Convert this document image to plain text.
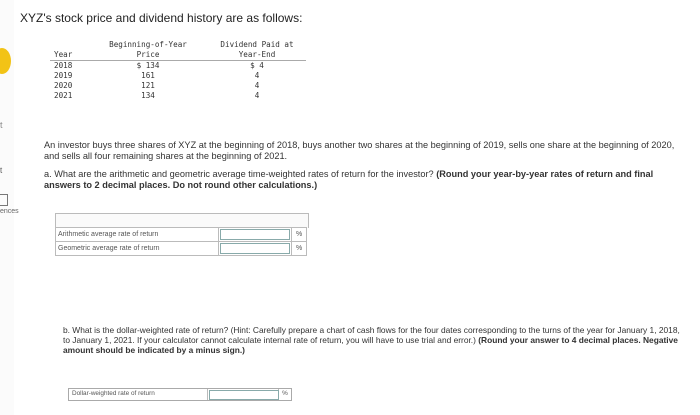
t
t
ences
XYZ's stock price and dividend history are as follows:
Year	Beginning-of-Year	Dividend Paid at
	Price	Year-End
2018	$ 134	$ 4
2019	161	4
2020	121	4
2021	134	4
An investor buys three shares of XYZ at the beginning of 2018, buys another two shares at the beginning of 2019, sells one share at the beginning of 2020, and sells all four remaining shares at the beginning of 2021.
a. What are the arithmetic and geometric average time-weighted rates of return for the investor? (Round your year-by-year rates of return and final answers to 2 decimal places. Do not round other calculations.)
Arithmetic average rate of return		%
Geometric average rate of return		%
b. What is the dollar-weighted rate of return? (Hint: Carefully prepare a chart of cash flows for the four dates corresponding to the turns of the year for January 1, 2018, to January 1, 2021. If your calculator cannot calculate internal rate of return, you will have to use trial and error.) (Round your answer to 4 decimal places. Negative amount should be indicated by a minus sign.)
Dollar-weighted rate of return	%
